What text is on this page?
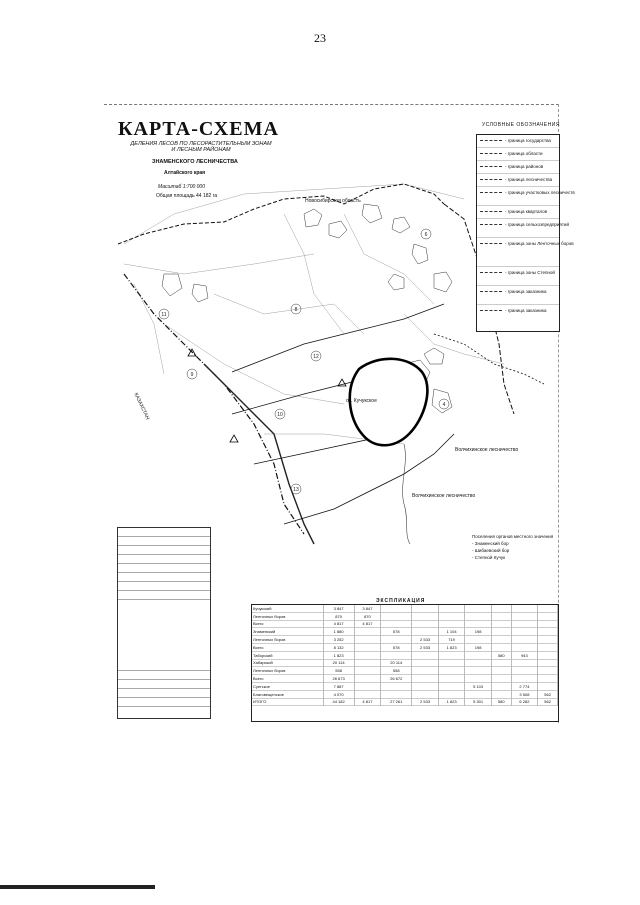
23
8
11
12
10
13
9
6
4
КАРТА-СХЕМА
ДЕЛЕНИЯ ЛЕСОВ ПО ЛЕСОРАСТИТЕЛЬНЫМ ЗОНАМ
И ЛЕСНЫМ РАЙОНАМ
ЗНАМЕНСКОГО ЛЕСНИЧЕСТВА
Алтайского края
Масштаб 1:700 000
Общая площадь 44 182 га
Новосибирская область
КАЗАХСТАН	оз. Кучукское
Волчихинское лесничество
Волчихинское лесничество
УСЛОВНЫЕ ОБОЗНАЧЕНИЯ
- граница государства
- граница области
- граница районов
- граница лесничества
- граница участковых лесничеств
- граница кварталов
- граница сельхозпредприятий
- граница зоны Ленточных боров
- граница зоны Степной
- граница заказника
- граница заказника
Поселения органов местного значения
- Знаменский бор
- Шибаевский бор
- Степной Кучук
ЭКСПЛИКАЦИЯ
Кучукский	3 847	3 847							
Ленточных боров	870	870							
Всего	4 817	4 817							
Знаменский	1 880		578		1 104	198			
Ленточных боров	3 252			2 533	719				
Всего	8 132		578	2 533	1 823	198			
Таборский	1 823						580	943	
Хабарский	20 114		20 114						
Ленточных боров	558		558						
Всего	26 673		26 672						
Суетское	7 887					5 103		2 774	
Благовещенское	4 070							3 508	562
ИТОГО	44 182	4 817	27 261	2 533	1 823	5 301	580	6 282	562
